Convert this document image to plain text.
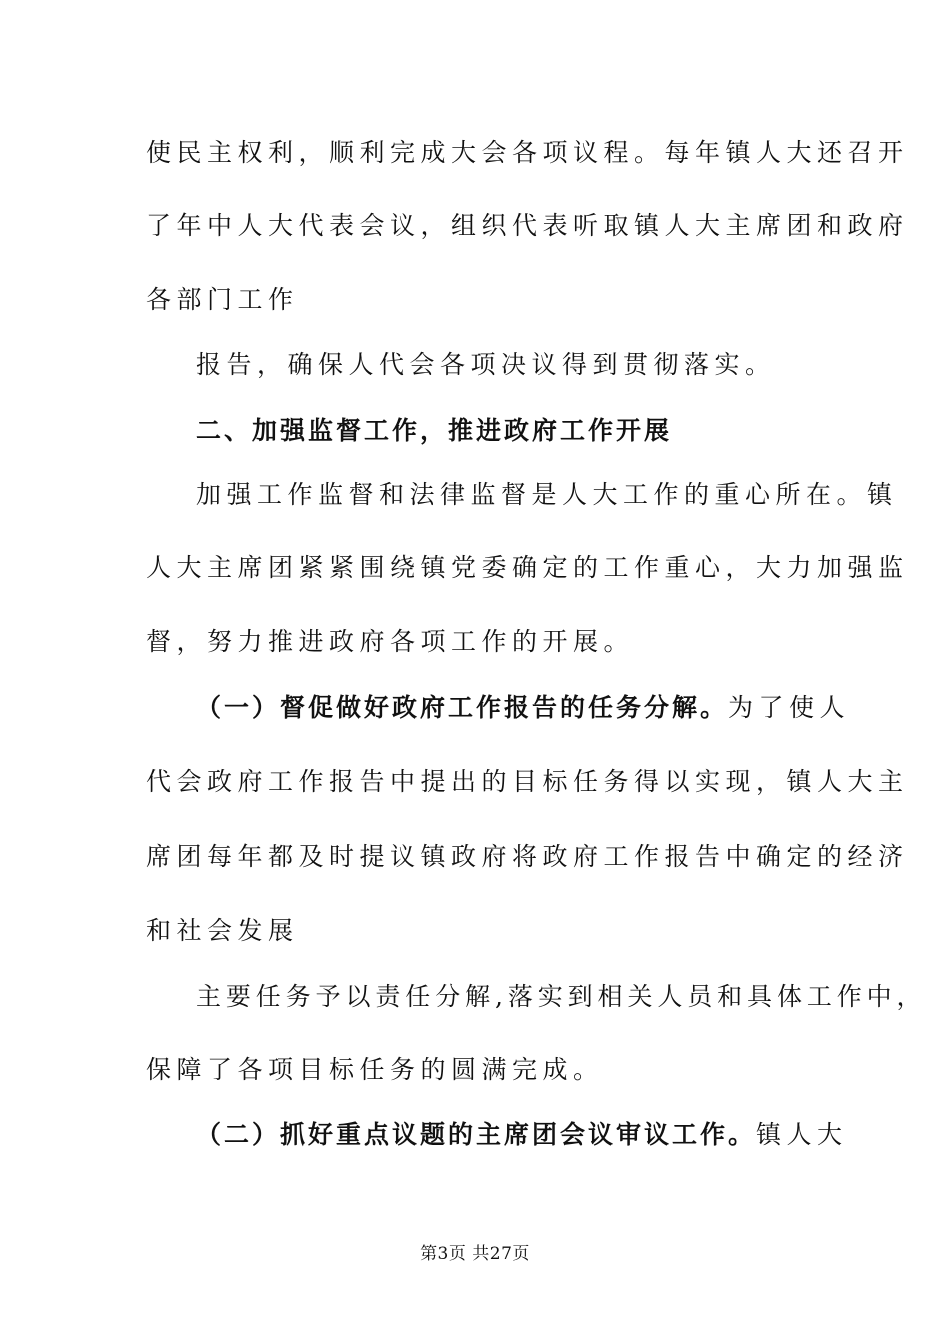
使民主权利，顺利完成大会各项议程。每年镇人大还召开
了年中人大代表会议，组织代表听取镇人大主席团和政府
各部门工作
报告，确保人代会各项决议得到贯彻落实。
二、加强监督工作，推进政府工作开展
加强工作监督和法律监督是人大工作的重心所在。镇
人大主席团紧紧围绕镇党委确定的工作重心，大力加强监
督，努力推进政府各项工作的开展。
（一）督促做好政府工作报告的任务分解。为了使人
代会政府工作报告中提出的目标任务得以实现，镇人大主
席团每年都及时提议镇政府将政府工作报告中确定的经济
和社会发展
主要任务予以责任分解,落实到相关人员和具体工作中，
保障了各项目标任务的圆满完成。
（二）抓好重点议题的主席团会议审议工作。镇人大
第3页 共27页
